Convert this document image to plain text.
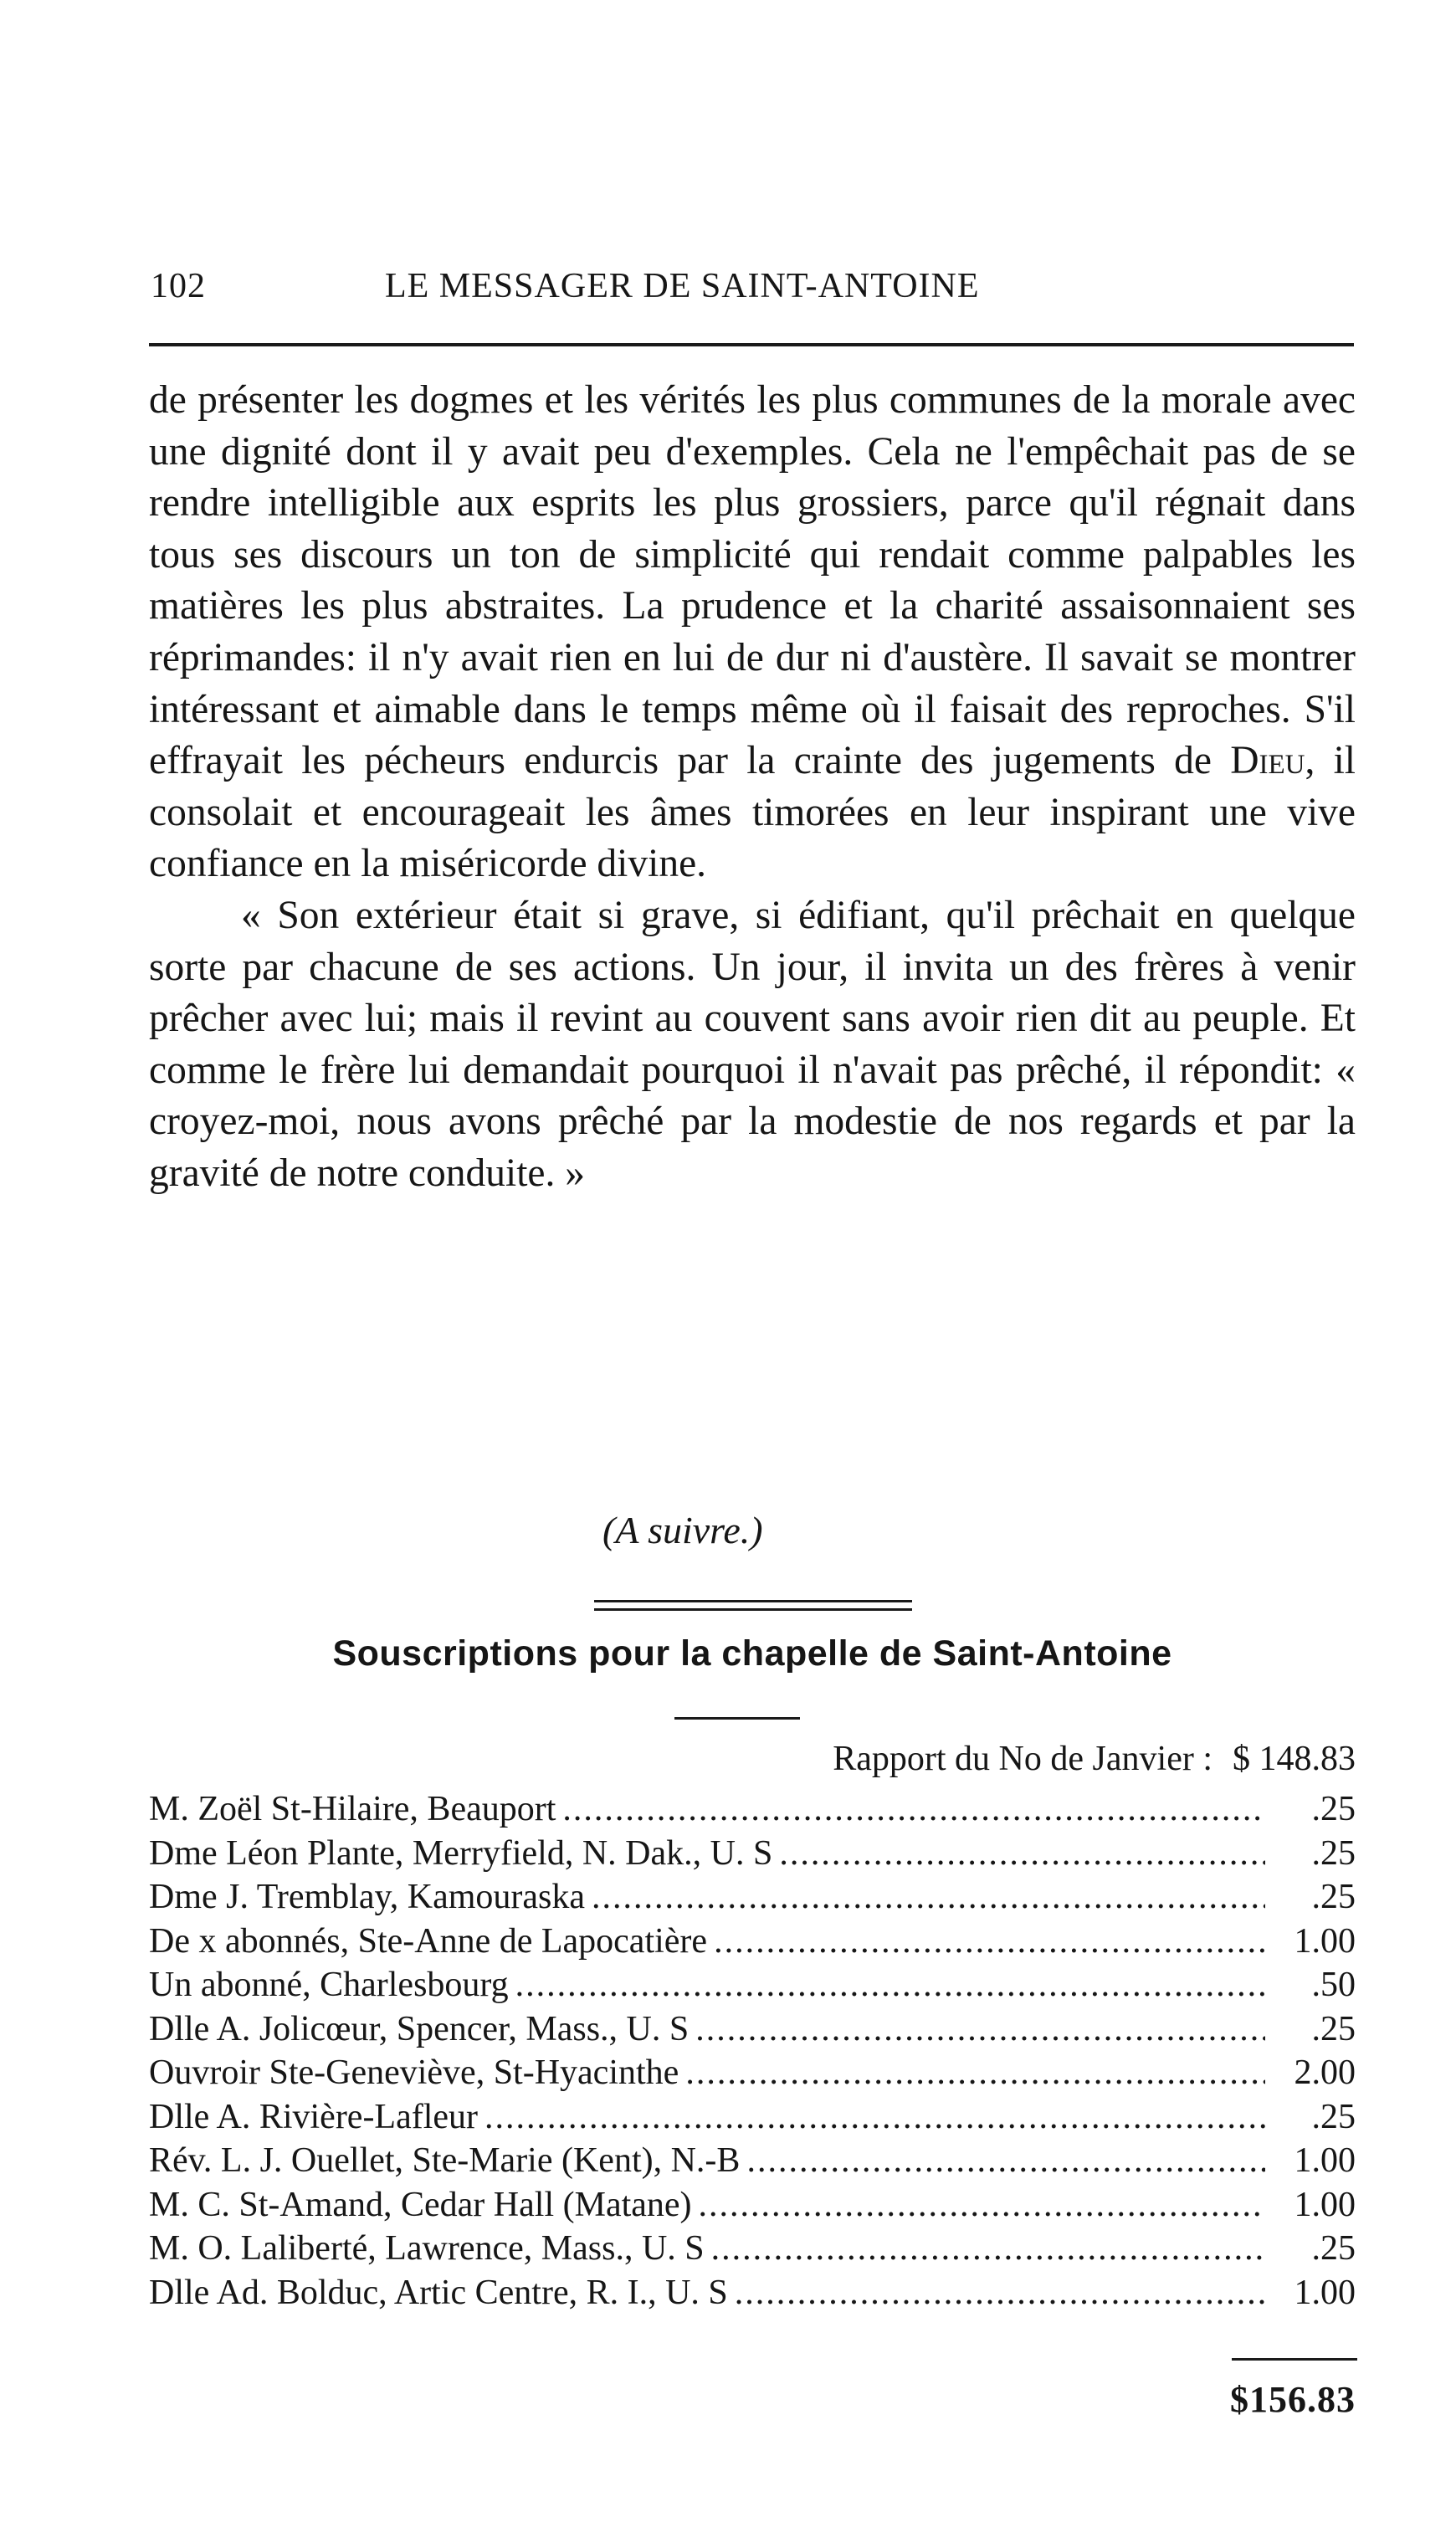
102	LE MESSAGER DE SAINT-ANTOINE

de présenter les dogmes et les vérités les plus communes de la morale avec une dignité dont il y avait peu d'exemples. Cela ne l'empêchait pas de se rendre intelligible aux esprits les plus grossiers, parce qu'il régnait dans tous ses discours un ton de simplicité qui rendait comme palpables les matières les plus abstraites. La prudence et la charité assaisonnaient ses réprimandes: il n'y avait rien en lui de dur ni d'austère. Il savait se montrer intéressant et aimable dans le temps même où il faisait des reproches. S'il effrayait les pécheurs endurcis par la crainte des jugements de Dieu, il consolait et encourageait les âmes timorées en leur inspirant une vive confiance en la miséricorde divine.

« Son extérieur était si grave, si édifiant, qu'il prêchait en quelque sorte par chacune de ses actions. Un jour, il invita un des frères à venir prêcher avec lui; mais il revint au couvent sans avoir rien dit au peuple. Et comme le frère lui demandait pourquoi il n'avait pas prêché, il répondit: « croyez-moi, nous avons prêché par la modestie de nos regards et par la gravité de notre conduite. »

(A suivre.)
Souscriptions pour la chapelle de Saint-Antoine
Rapport du No de Janvier : $ 148.83
M. Zoël St-Hilaire, Beauport .....	.25
Dme Léon Plante, Merryfield, N. Dak., U. S .....	.25
Dme J. Tremblay, Kamouraska .....	.25
De x abonnés, Ste-Anne de Lapocatière .....	1.00
Un abonné, Charlesbourg .....	.50
Dlle A. Jolicœur, Spencer, Mass., U. S .....	.25
Ouvroir Ste-Geneviève, St-Hyacinthe .....	2.00
Dlle A. Rivière-Lafleur .....	.25
Rév. L. J. Ouellet, Ste-Marie (Kent), N.-B .....	1.00
M. C. St-Amand, Cedar Hall (Matane) .....	1.00
M. O. Laliberté, Lawrence, Mass., U. S .....	.25
Dlle Ad. Bolduc, Artic Centre, R. I., U. S .....	1.00
$156.83
